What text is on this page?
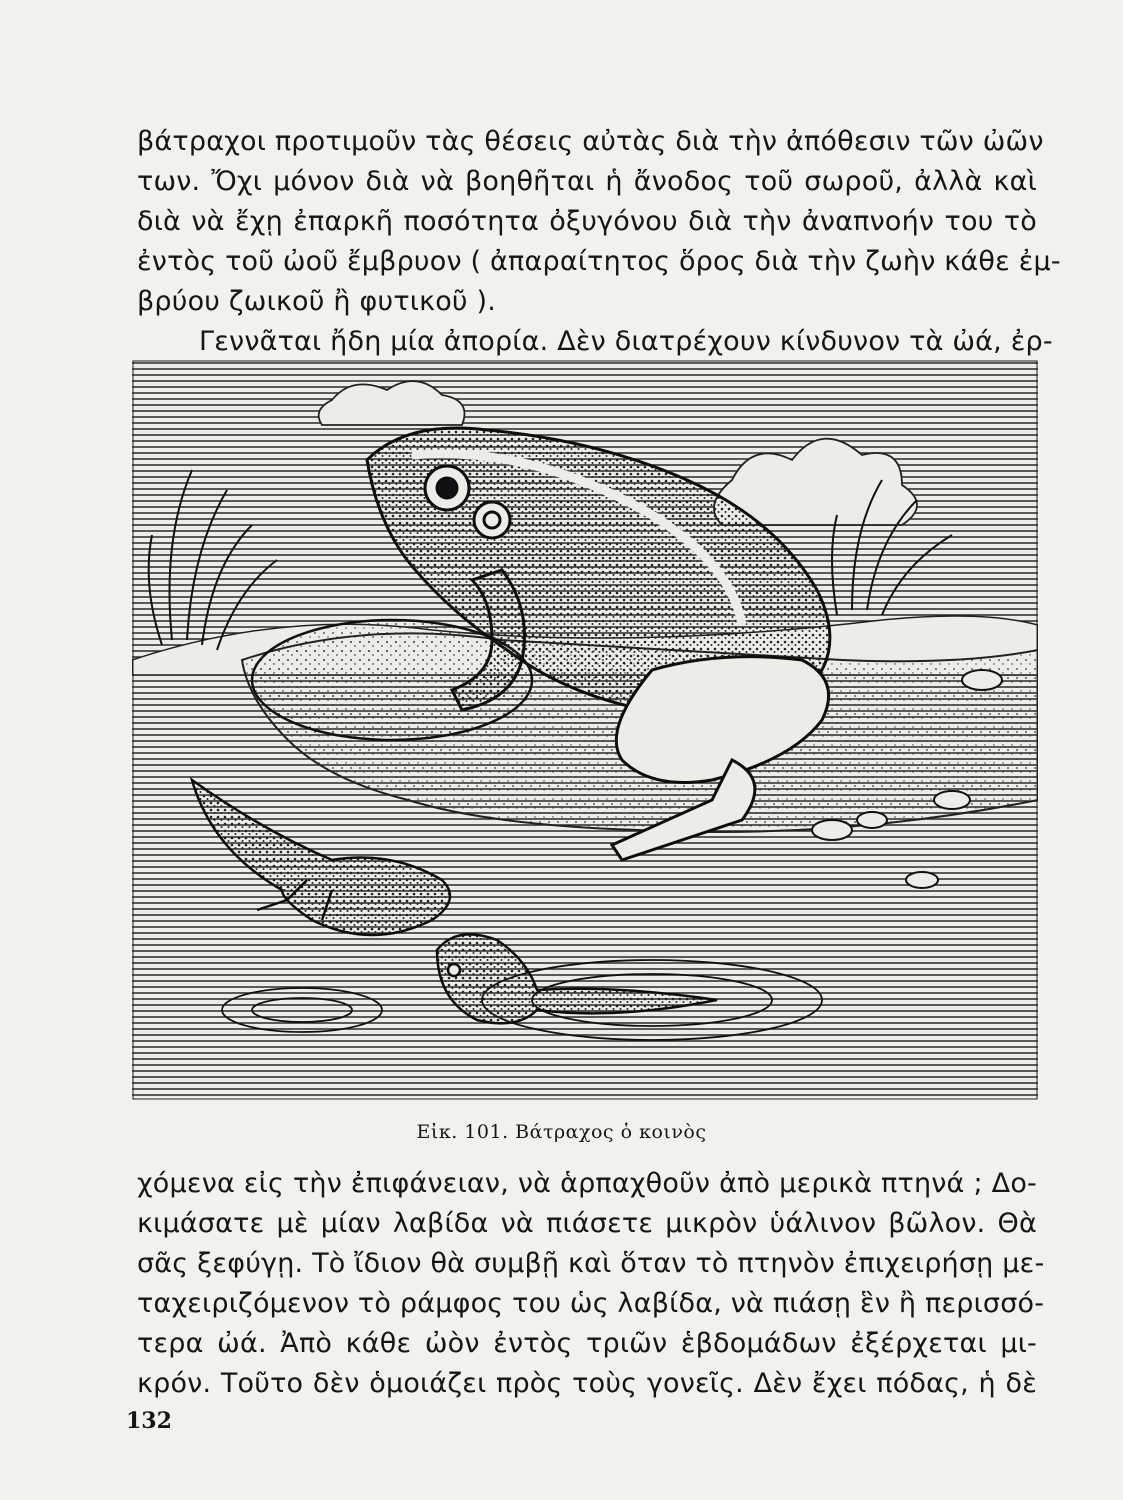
βάτραχοι προτιμοῦν τὰς θέσεις αὐτὰς διὰ τὴν ἀπόθεσιν τῶν ὠῶν
των. Ὄχι μόνον διὰ νὰ βοηθῆται ἡ ἄνοδος τοῦ σωροῦ, ἀλλὰ καὶ
διὰ νὰ ἔχῃ ἐπαρκῆ ποσότητα ὀξυγόνου διὰ τὴν ἀναπνοήν του τὸ
ἐντὸς τοῦ ὠοῦ ἔμβρυον ( ἀπαραίτητος ὅρος διὰ τὴν ζωὴν κάθε ἐμ-
βρύου ζωικοῦ ἢ φυτικοῦ ).
Γεννᾶται ἤδη μία ἀπορία. Δὲν διατρέχουν κίνδυνον τὰ ὠά, ἐρ-
Εἰκ. 101. Βάτραχος ὁ κοινὸς
χόμενα εἰς τὴν ἐπιφάνειαν, νὰ ἁρπαχθοῦν ἀπὸ μερικὰ πτηνά ; Δο-
κιμάσατε μὲ μίαν λαβίδα νὰ πιάσετε μικρὸν ὑάλινον βῶλον. Θὰ
σᾶς ξεφύγῃ. Τὸ ἴδιον θὰ συμβῇ καὶ ὅταν τὸ πτηνὸν ἐπιχειρήσῃ με-
ταχειριζόμενον τὸ ράμφος του ὡς λαβίδα, νὰ πιάσῃ ἓν ἢ περισσό-
τερα ὠά. Ἀπὸ κάθε ὠὸν ἐντὸς τριῶν ἑβδομάδων ἐξέρχεται μι-
κρόν. Τοῦτο δὲν ὁμοιάζει πρὸς τοὺς γονεῖς. Δὲν ἔχει πόδας, ἡ δὲ
132
